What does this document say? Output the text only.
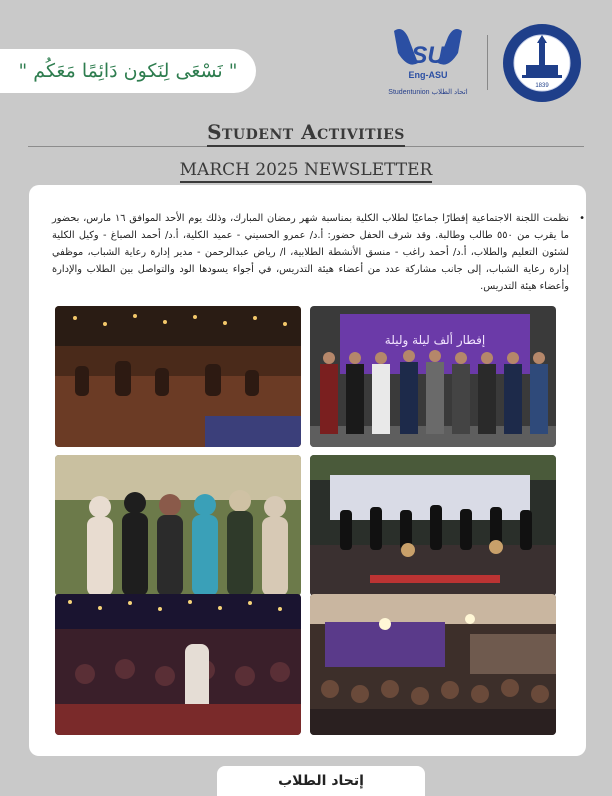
" نَسْعَى لِنَكون دَائِمًا مَعَكُم "
SU
Eng-ASU
Studentunion اتحاد الطلاب
1839
Student Activities
MARCH 2025 NEWSLETTER
•
نظمت اللجنة الاجتماعية إفطارًا جماعيًا لطلاب الكلية بمناسبة شهر رمضان المبارك، وذلك يوم الأحد الموافق ١٦ مارس، بحضور ما يقرب من ٥٥٠ طالب وطالبة. وقد شرف الحفل حضور: أ.د/ عمرو الحسيني - عميد الكلية، أ.د/ أحمد الصباغ - وكيل الكلية لشئون التعليم والطلاب، أ.د/ أحمد راغب - منسق الأنشطة الطلابية، ا/ رياض عبدالرحمن - مدير إدارة رعاية الشباب، موظفي إدارة رعاية الشباب، إلى جانب مشاركة عدد من أعضاء هيئة التدريس، في أجواء يسودها الود والتواصل بين الطلاب والإدارة وأعضاء هيئة التدريس.
إفطار ألف ليلة وليلة
إتحاد الطلاب
